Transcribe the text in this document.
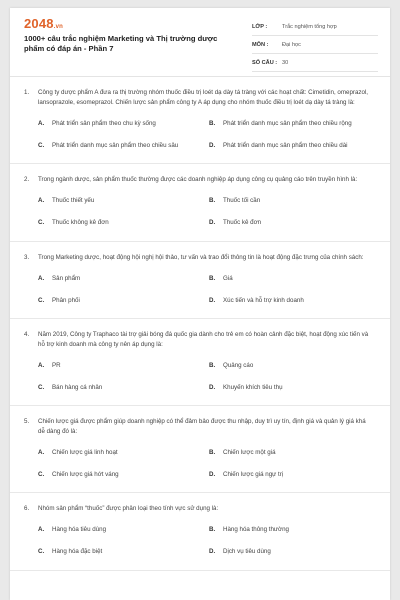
2048.vn
1000+ câu trắc nghiệm Marketing và Thị trường dược phẩm có đáp án - Phần 7
LỚP :	Trắc nghiệm tổng hợp
MÔN :	Đại học
SỐ CÂU : 30
1.	Công ty dược phẩm A đưa ra thị trường nhóm thuốc điều trị loét dạ dày tá tràng với các hoạt chất: Cimetidin, omeprazol, lansoprazole, esomeprazol. Chiến lược sản phẩm công ty A áp dụng cho nhóm thuốc điều trị loét dạ dày tá tràng là:
A.	Phát triển sản phẩm theo chu kỳ sống	B.	Phát triển danh mục sản phẩm theo chiều rộng
C.	Phát triển danh mục sản phẩm theo chiều sâu	D.	Phát triển danh mục sản phẩm theo chiều dài
2.	Trong ngành dược, sản phẩm thuốc thường được các doanh nghiệp áp dụng công cụ quảng cáo trên truyền hình là:
A.	Thuốc thiết yếu	B.	Thuốc tối cần
C.	Thuốc không kê đơn	D.	Thuốc kê đơn
3.	Trong Marketing dược, hoạt động hội nghị hội thảo, tư vấn và trao đổi thông tin là hoạt động đặc trưng của chính sách:
A.	Sản phẩm	B.	Giá
C.	Phân phối	D.	Xúc tiến và hỗ trợ kinh doanh
4.	Năm 2019, Công ty Traphaco tài trợ giải bóng đá quốc gia dành cho trẻ em có hoàn cảnh đặc biệt, hoạt động xúc tiến và hỗ trợ kinh doanh mà công ty nên áp dụng là:
A.	PR	B.	Quảng cáo
C.	Bán hàng cá nhân	D.	Khuyến khích tiêu thụ
5.	Chiến lược giá được phẩm giúp doanh nghiệp có thể đảm bảo được thu nhập, duy trì uy tín, định giá và quản lý giá khá dễ dàng đó là:
A.	Chiến lược giá linh hoạt	B.	Chiến lược một giá
C.	Chiến lược giá hớt váng	D.	Chiến lược giá ngự trị
6.	Nhóm sản phẩm “thuốc” được phân loại theo tính vực sử dụng là:
A.	Hàng hóa tiêu dùng	B.	Hàng hóa thông thường
C.	Hàng hóa đặc biệt	D.	Dịch vụ tiêu dùng
